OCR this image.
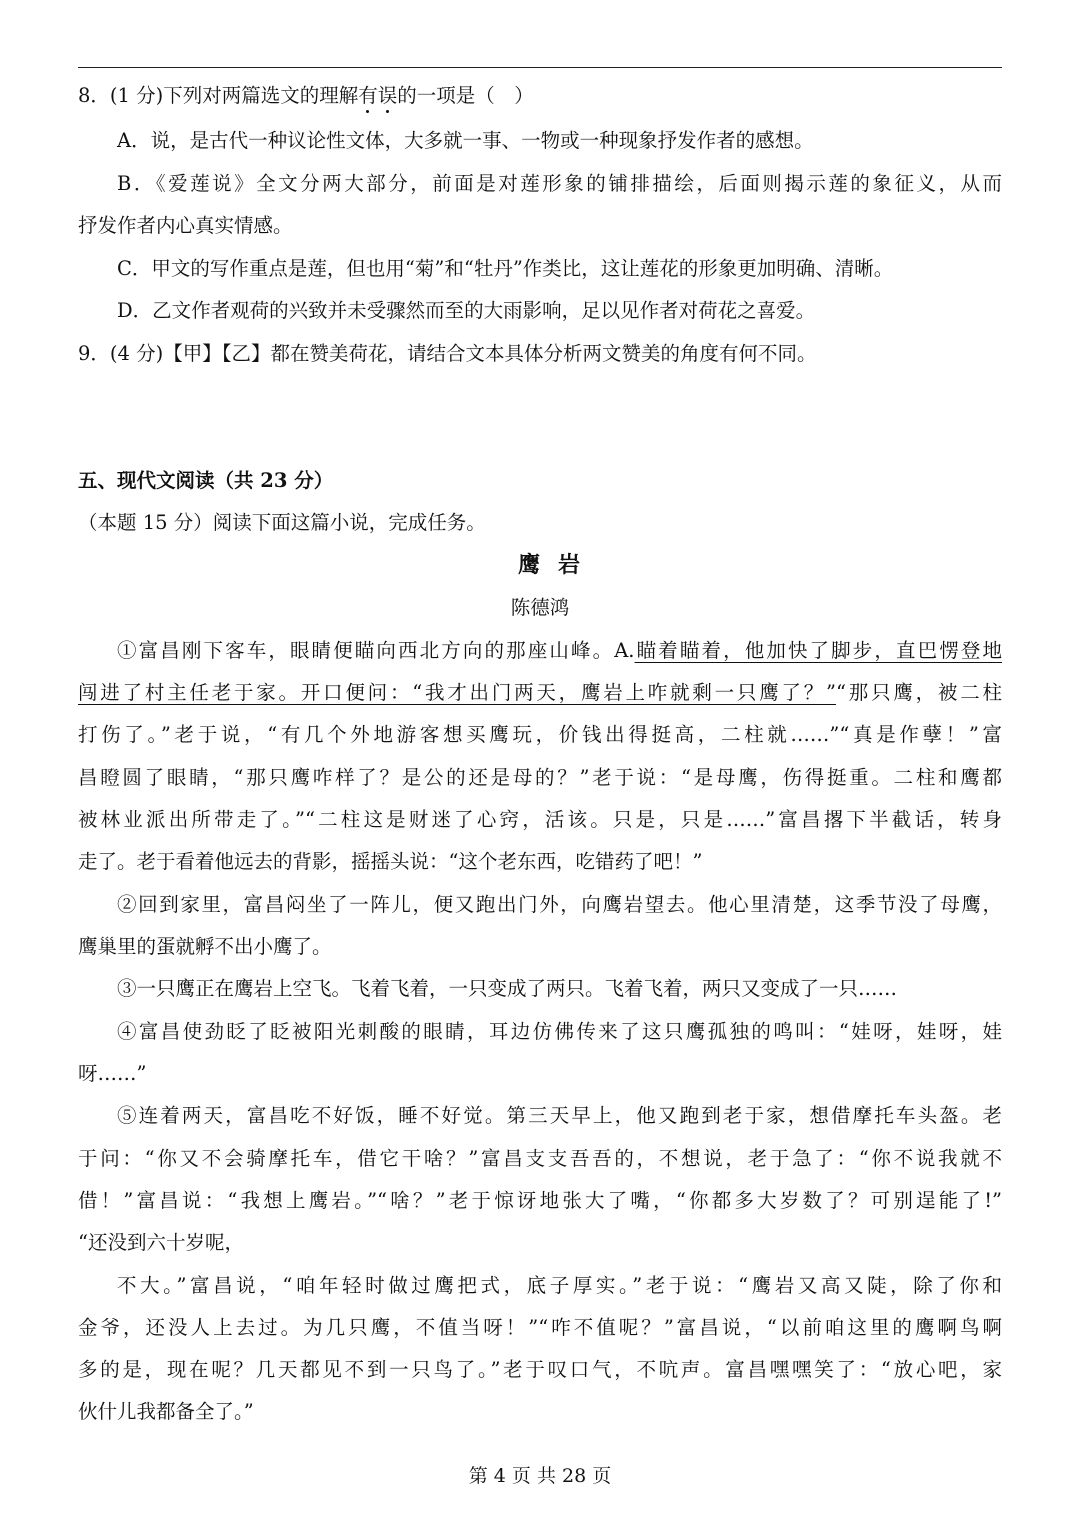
8．(1 分)下列对两篇选文的理解有误的一项是（　）
A．说，是古代一种议论性文体，大多就一事、一物或一种现象抒发作者的感想。
B．《爱莲说》全文分两大部分，前面是对莲形象的铺排描绘，后面则揭示莲的象征义，从而
抒发作者内心真实情感。
C．甲文的写作重点是莲，但也用“菊”和“牡丹”作类比，这让莲花的形象更加明确、清晰。
D．乙文作者观荷的兴致并未受骤然而至的大雨影响，足以见作者对荷花之喜爱。
9．(4 分)【甲】【乙】都在赞美荷花，请结合文本具体分析两文赞美的角度有何不同。
五、现代文阅读（共 23 分）
（本题 15 分）阅读下面这篇小说，完成任务。
鹰岩
陈德鸿
①富昌刚下客车，眼睛便瞄向西北方向的那座山峰。A.瞄着瞄着，他加快了脚步，直巴愣登地
闯进了村主任老于家。开口便问：“我才出门两天，鹰岩上咋就剩一只鹰了？”“那只鹰，被二柱
打伤了。”老于说，“有几个外地游客想买鹰玩，价钱出得挺高，二柱就……”“真是作孽！”富
昌瞪圆了眼睛，“那只鹰咋样了？是公的还是母的？”老于说：“是母鹰，伤得挺重。二柱和鹰都
被林业派出所带走了。”“二柱这是财迷了心窍，活该。只是，只是……”富昌撂下半截话，转身
走了。老于看着他远去的背影，摇摇头说：“这个老东西，吃错药了吧！”
②回到家里，富昌闷坐了一阵儿，便又跑出门外，向鹰岩望去。他心里清楚，这季节没了母鹰，
鹰巢里的蛋就孵不出小鹰了。
③一只鹰正在鹰岩上空飞。飞着飞着，一只变成了两只。飞着飞着，两只又变成了一只……
④富昌使劲眨了眨被阳光刺酸的眼睛，耳边仿佛传来了这只鹰孤独的鸣叫：“娃呀，娃呀，娃
呀……”
⑤连着两天，富昌吃不好饭，睡不好觉。第三天早上，他又跑到老于家，想借摩托车头盔。老
于问：“你又不会骑摩托车，借它干啥？”富昌支支吾吾的，不想说，老于急了：“你不说我就不
借！”富昌说：“我想上鹰岩。”“啥？”老于惊讶地张大了嘴，“你都多大岁数了？可别逞能了!”
“还没到六十岁呢，
不大。”富昌说，“咱年轻时做过鹰把式，底子厚实。”老于说：“鹰岩又高又陡，除了你和
金爷，还没人上去过。为几只鹰，不值当呀！”“咋不值呢？”富昌说，“以前咱这里的鹰啊鸟啊
多的是，现在呢？几天都见不到一只鸟了。”老于叹口气，不吭声。富昌嘿嘿笑了：“放心吧，家
伙什儿我都备全了。”
第 4 页 共 28 页
